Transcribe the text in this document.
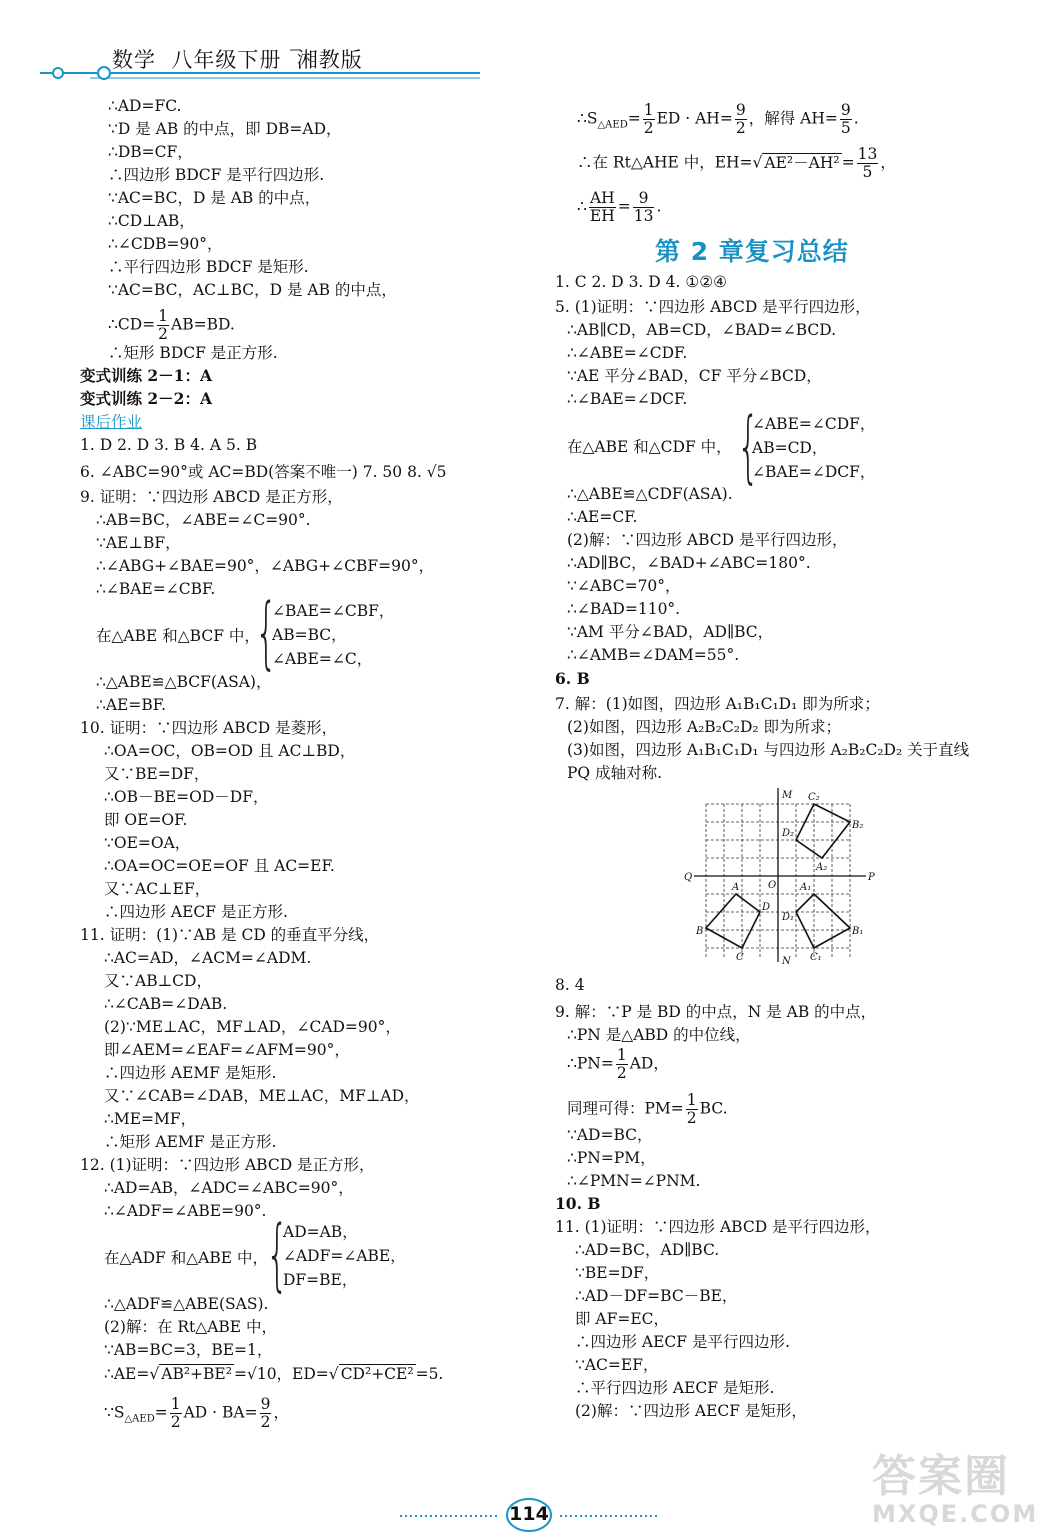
数学  八年级下册  湘教版
∴AD=FC.
∵D 是 AB 的中点，即 DB=AD，
∴DB=CF，
∴四边形 BDCF 是平行四边形.
∵AC=BC，D 是 AB 的中点，
∴CD⊥AB，
∴∠CDB=90°，
∴平行四边形 BDCF 是矩形.
∵AC=BC，AC⊥BC，D 是 AB 的中点，
∴矩形 BDCF 是正方形.
变式训练 2－1：A
变式训练 2－2：A
1. D 2. D 3. B 4. A 5. B
6. ∠ABC=90°或 AC=BD(答案不唯一) 7. 50 8. √5
9. 证明：∵四边形 ABCD 是正方形，
∴AB=BC，∠ABE=∠C=90°.
∵AE⊥BF，
∴∠ABG+∠BAE=90°，∠ABG+∠CBF=90°，
∴∠BAE=∠CBF.
在△ABE 和△BCF 中，
∴△ABE≌△BCF(ASA)，
∴AE=BF.
10. 证明：∵四边形 ABCD 是菱形，
∴OA=OC，OB=OD 且 AC⊥BD，
又∵BE=DF，
∴OB－BE=OD－DF，
即 OE=OF.
∵OE=OA，
∴OA=OC=OE=OF 且 AC=EF.
又∵AC⊥EF，
∴四边形 AECF 是正方形.
11. 证明：(1)∵AB 是 CD 的垂直平分线，
∴AC=AD，∠ACM=∠ADM.
又∵AB⊥CD，
∴∠CAB=∠DAB.
(2)∵ME⊥AC，MF⊥AD，∠CAD=90°，
即∠AEM=∠EAF=∠AFM=90°，
∴四边形 AEMF 是矩形.
又∵∠CAB=∠DAB，ME⊥AC，MF⊥AD，
∴ME=MF，
∴矩形 AEMF 是正方形.
12. (1)证明：∵四边形 ABCD 是正方形，
∴AD=AB，∠ADC=∠ABC=90°，
∴∠ADF=∠ABE=90°.
在△ADF 和△ABE 中，
∴△ADF≌△ABE(SAS).
(2)解：在 Rt△ABE 中，
∵AB=BC=3，BE=1，
∴CD= $\frac{1}{2} AB=BD$.
课后作业
{
∠BAE=∠CBF，
AB=BC，
∠ABE=∠C，
{
AD=AB，
∠ADF=∠ABE，
DF=BE，
∴AE=√ AB²+BE² =√10，ED=√ CD²+CE² =5.
$\because S_{\triangle AED}= \frac{1}{2}$ AD · $BA= \frac{9}{2}$ ，
9. 解：∵P 是 BD 的中点，N 是 AB 的中点，
∴PN 是△ABD 的中位线，
∵AD=BC，
∴PN=PM，
∴∠PMN=∠PNM.
10. B
11. (1)证明：∵四边形 ABCD 是平行四边形，
∴AD=BC，AD∥BC.
∵BE=DF，
∴AD－DF=BC－BE，
即 AF=EC，
∴四边形 AECF 是平行四边形.
∵AC=EF，
∴平行四边形 AECF 是矩形.
(2)解：∵四边形 AECF 是矩形，
1. C 2. D 3. D 4. ①②④
5. (1)证明：∵四边形 ABCD 是平行四边形，
∴AB∥CD，AB=CD，∠BAD=∠BCD.
∴∠ABE=∠CDF.
∵AE 平分∠BAD，CF 平分∠BCD，
∴∠BAE=∠DCF.
在△ABE 和△CDF 中，
∴△ABE≌△CDF(ASA).
∴AE=CF.
(2)解：∵四边形 ABCD 是平行四边形，
∴AD∥BC，∠BAD+∠ABC=180°.
∵∠ABC=70°，
∴∠BAD=110°.
∵AM 平分∠BAD，AD∥BC，
∴∠AMB=∠DAM=55°.
6. B
7. 解：(1)如图，四边形 A₁B₁C₁D₁ 即为所求；
(2)如图，四边形 A₂B₂C₂D₂ 即为所求；
(3)如图，四边形 A₁B₁C₁D₁ 与四边形 A₂B₂C₂D₂ 关于直线
PQ 成轴对称.
8. 4
$\therefore S_{\triangle AED}= \frac{1}{2}$ ED · $AH= \frac{9}{2}$ ，解得 $AH= \frac{9}{5}$ .
∴在 Rt△AHE 中，EH=√ $AE^2-AH^2 = \frac{13}{5}$ ，
∴ $\frac{AH}{EH} = \frac{9}{13}$ .
第 2 章复习总结
{
∠ABE=∠CDF，
AB=CD，
∠BAE=∠DCF，
∴PN= $\frac{1}{2}$ AD，
同理可得：$PM= \frac{1}{2}$ BC.
M
N
Q	P
O
A
B
C
D
A₁
B₁
C₁
D₁
A₂
B₂
C₂
D₂
114
答案圈
MXQE.COM
